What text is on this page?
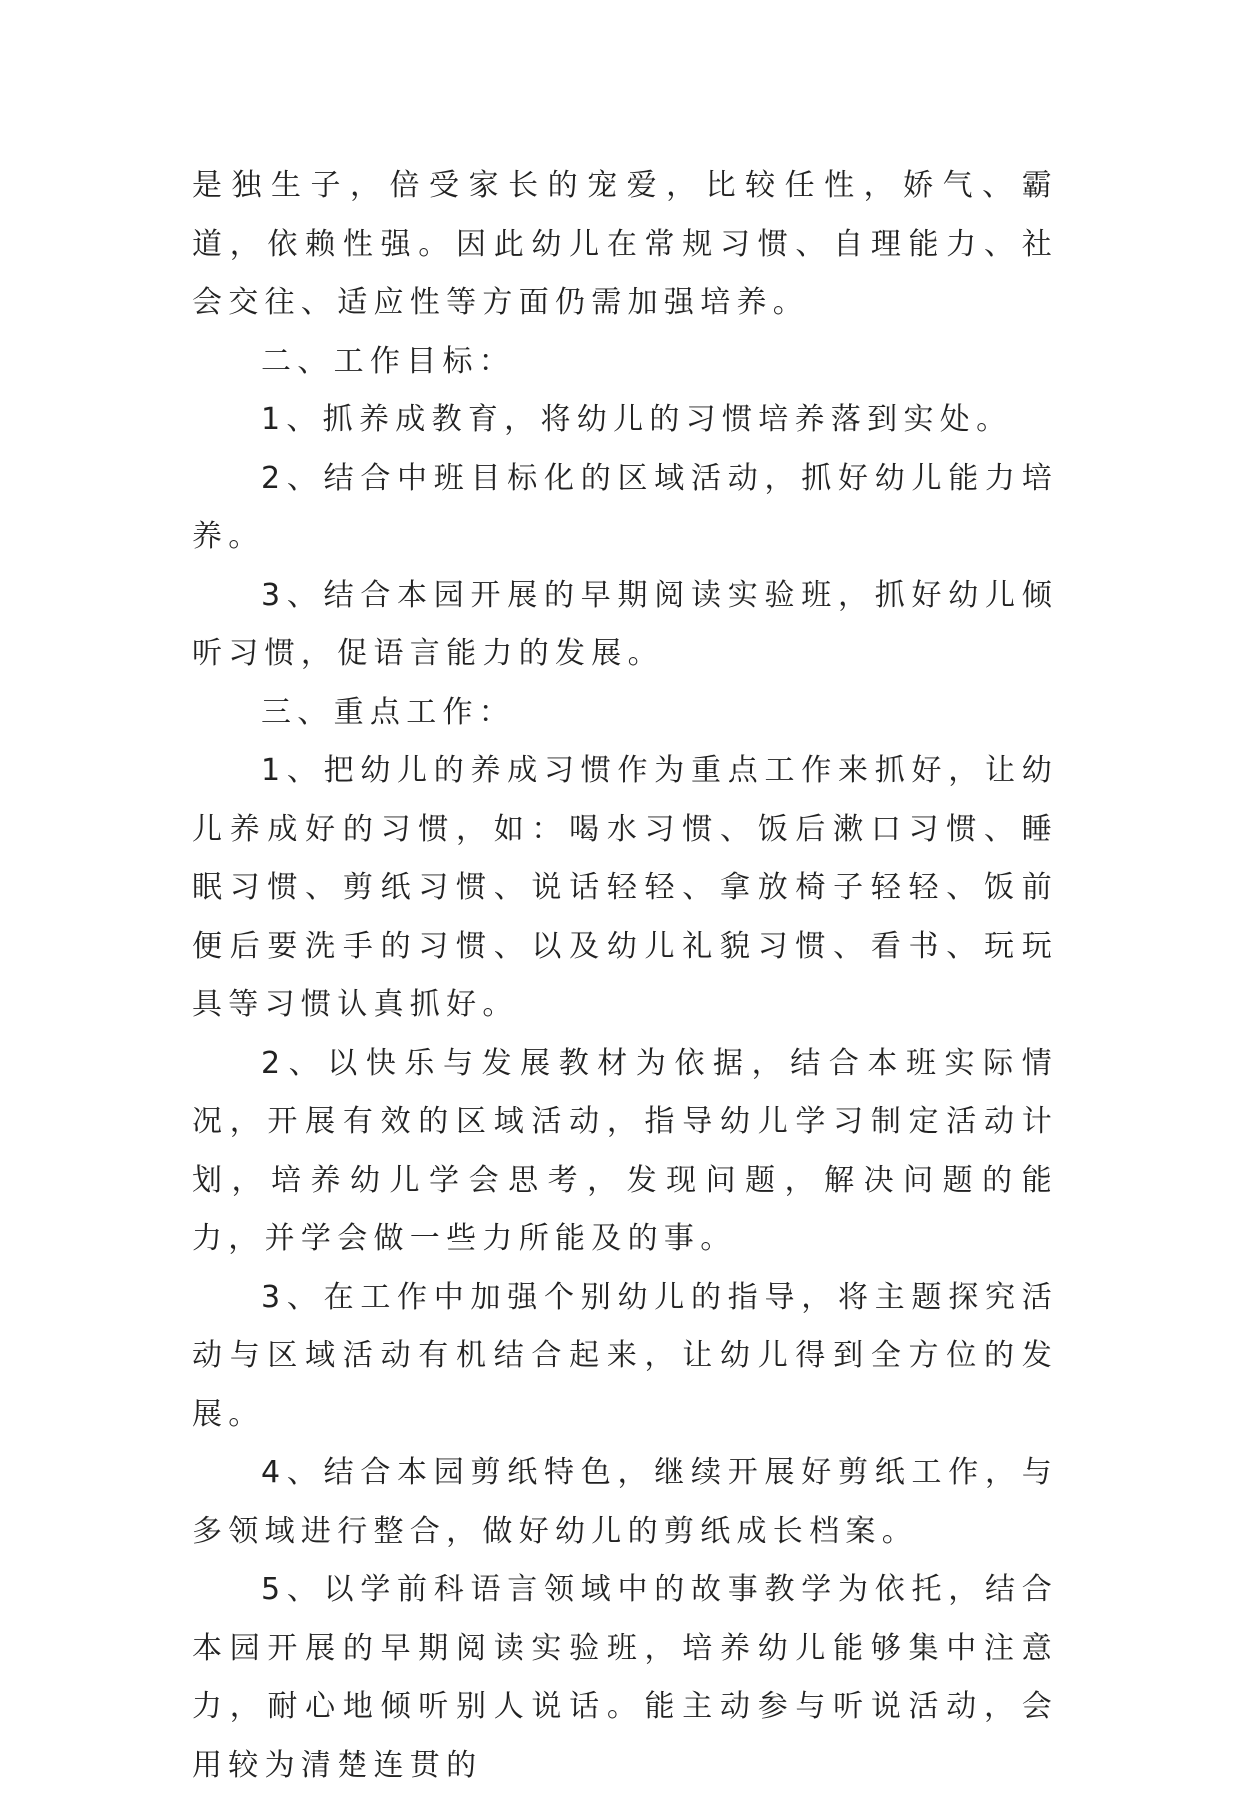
是独生子，倍受家长的宠爱，比较任性，娇气、霸道，依赖性强。因此幼儿在常规习惯、自理能力、社会交往、适应性等方面仍需加强培养。

二、工作目标：

1、抓养成教育，将幼儿的习惯培养落到实处。

2、结合中班目标化的区域活动，抓好幼儿能力培养。

3、结合本园开展的早期阅读实验班，抓好幼儿倾听习惯，促语言能力的发展。

三、重点工作：

1、把幼儿的养成习惯作为重点工作来抓好，让幼儿养成好的习惯，如：喝水习惯、饭后漱口习惯、睡眠习惯、剪纸习惯、说话轻轻、拿放椅子轻轻、饭前便后要洗手的习惯、以及幼儿礼貌习惯、看书、玩玩具等习惯认真抓好。

2、以快乐与发展教材为依据，结合本班实际情况，开展有效的区域活动，指导幼儿学习制定活动计划，培养幼儿学会思考，发现问题，解决问题的能力，并学会做一些力所能及的事。

3、在工作中加强个别幼儿的指导，将主题探究活动与区域活动有机结合起来，让幼儿得到全方位的发展。

4、结合本园剪纸特色，继续开展好剪纸工作，与多领域进行整合，做好幼儿的剪纸成长档案。

5、以学前科语言领域中的故事教学为依托，结合本园开展的早期阅读实验班，培养幼儿能够集中注意力，耐心地倾听别人说话。能主动参与听说活动，会用较为清楚连贯的
